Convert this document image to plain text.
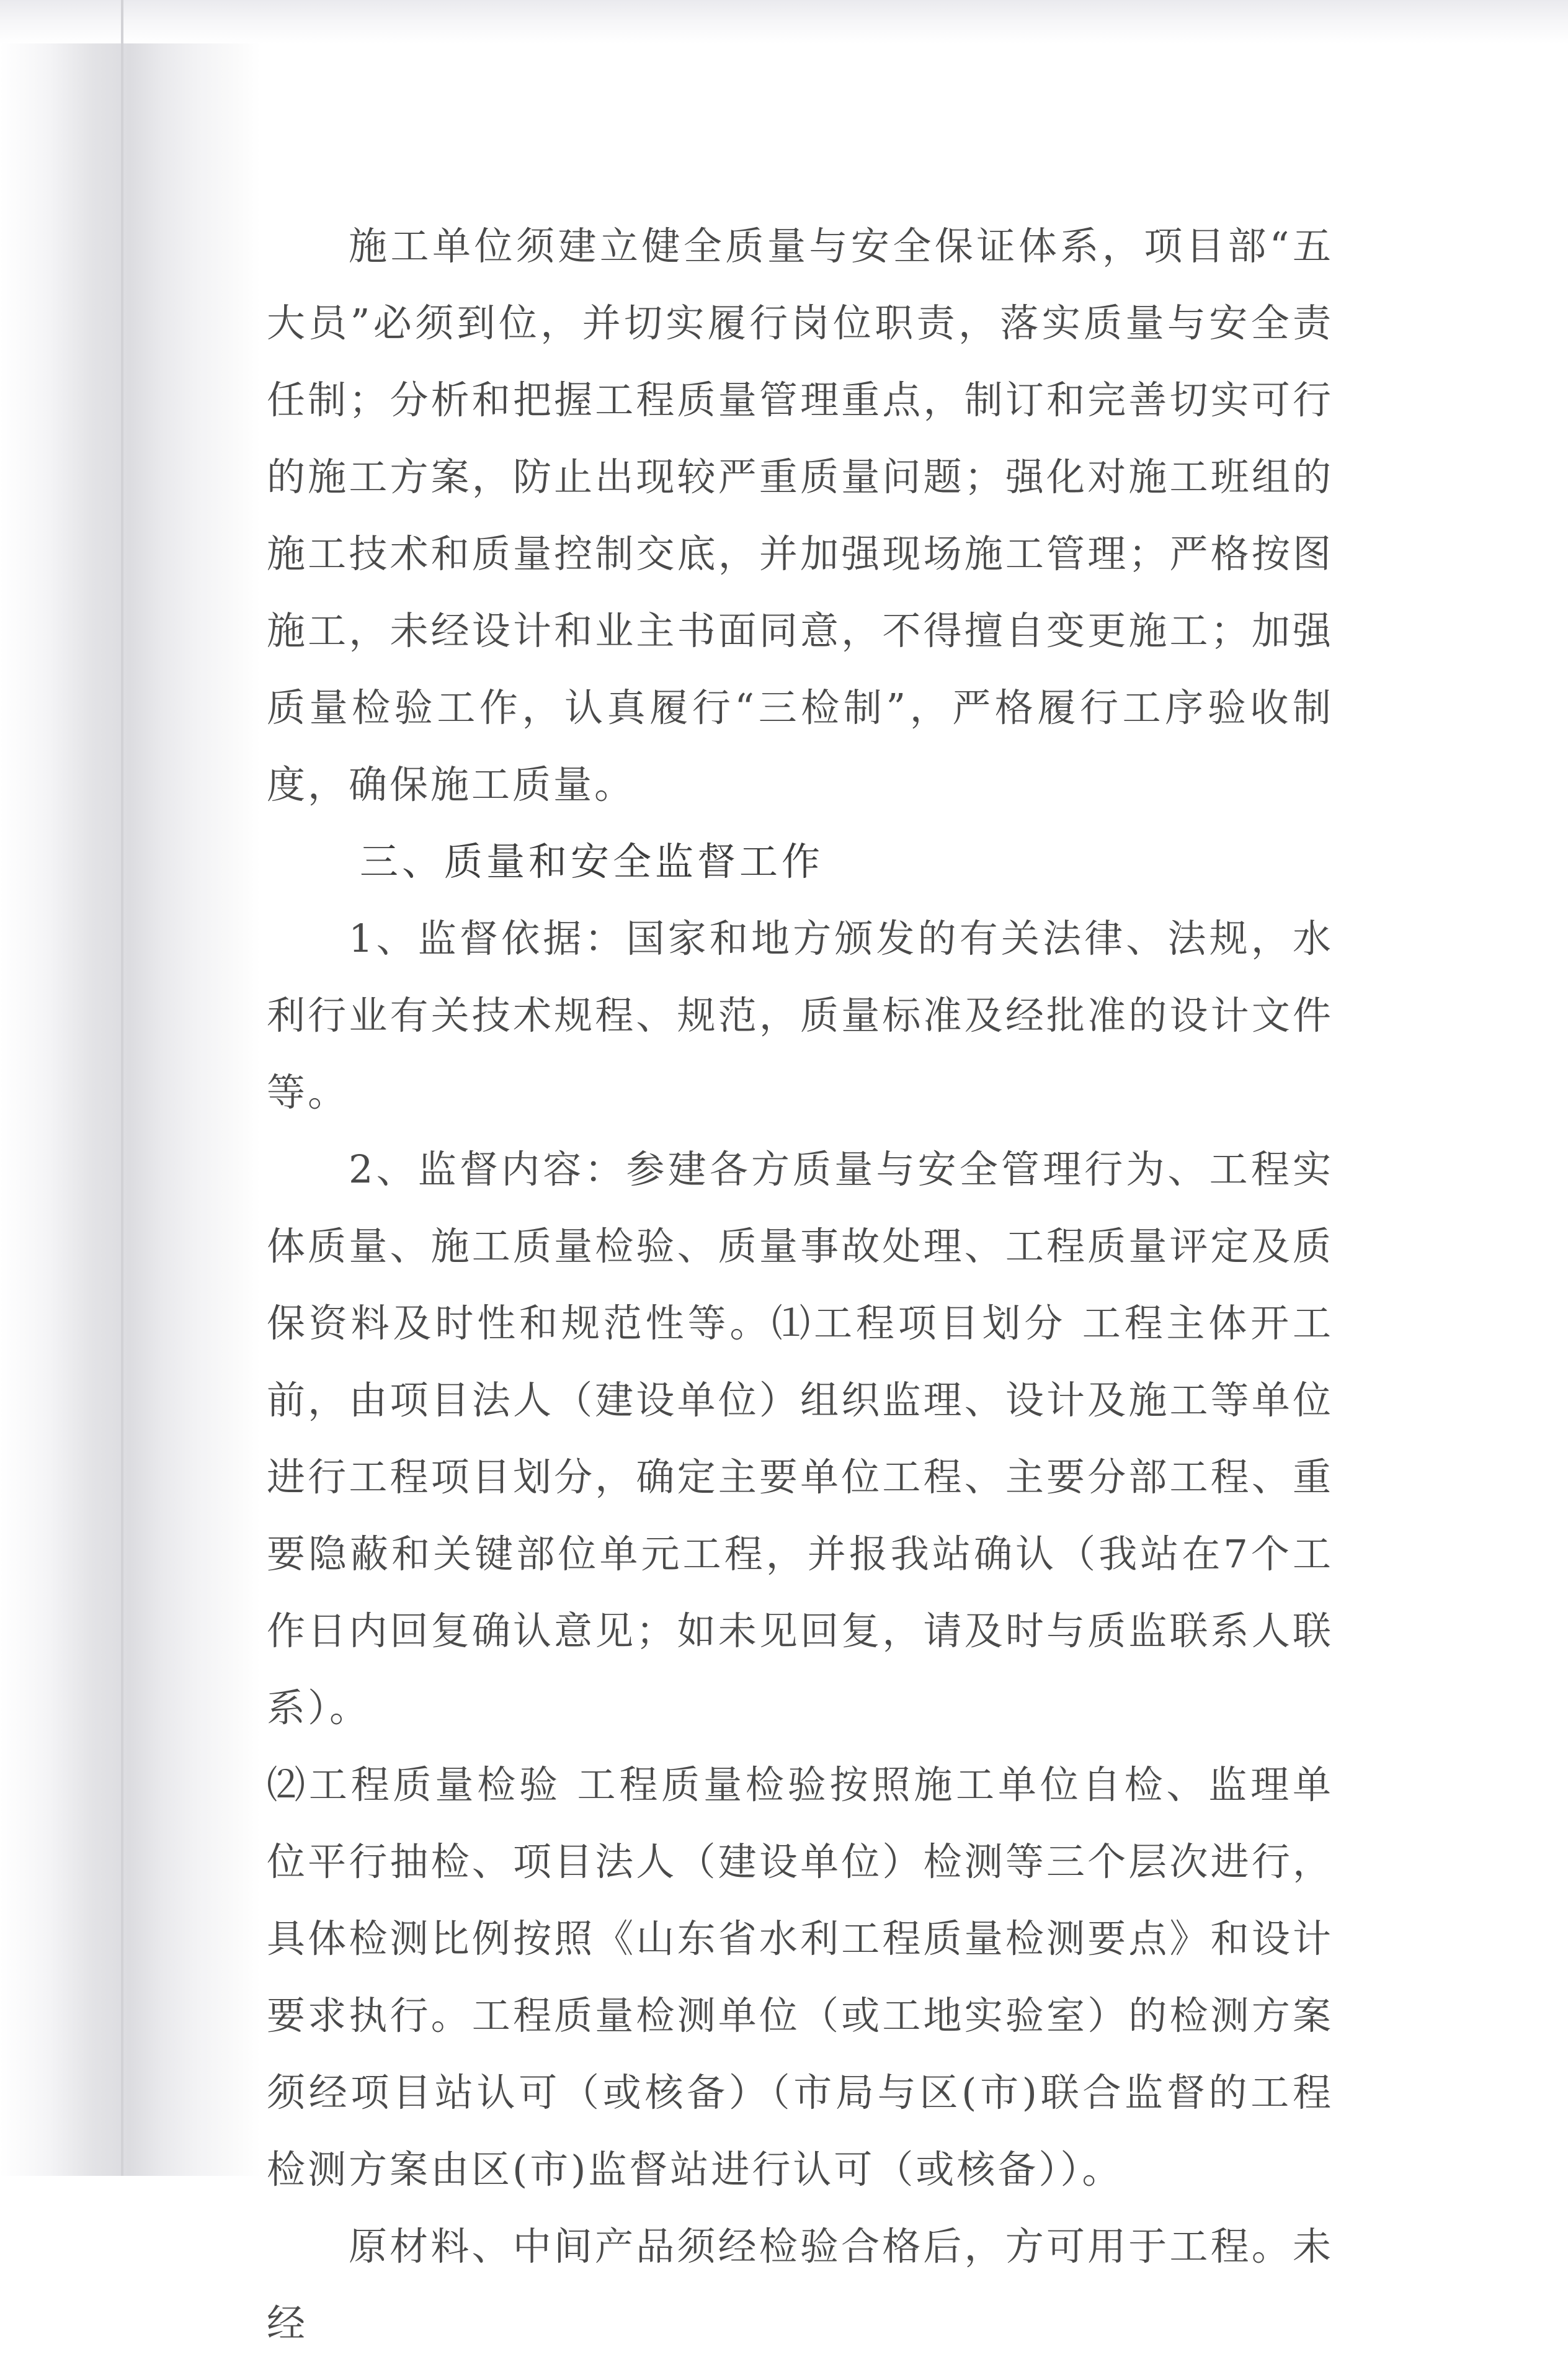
施工单位须建立健全质量与安全保证体系，项目部“五大员”必须到位，并切实履行岗位职责，落实质量与安全责任制；分析和把握工程质量管理重点，制订和完善切实可行的施工方案，防止出现较严重质量问题；强化对施工班组的施工技术和质量控制交底，并加强现场施工管理；严格按图施工，未经设计和业主书面同意，不得擅自变更施工；加强质量检验工作，认真履行“三检制”，严格履行工序验收制度，确保施工质量。

三、质量和安全监督工作

1、监督依据：国家和地方颁发的有关法律、法规，水利行业有关技术规程、规范，质量标准及经批准的设计文件等。

2、监督内容：参建各方质量与安全管理行为、工程实体质量、施工质量检验、质量事故处理、工程质量评定及质保资料及时性和规范性等。⑴工程项目划分 工程主体开工前，由项目法人（建设单位）组织监理、设计及施工等单位进行工程项目划分，确定主要单位工程、主要分部工程、重要隐蔽和关键部位单元工程，并报我站确认（我站在7个工作日内回复确认意见；如未见回复，请及时与质监联系人联系）。

⑵工程质量检验 工程质量检验按照施工单位自检、监理单位平行抽检、项目法人（建设单位）检测等三个层次进行，具体检测比例按照《山东省水利工程质量检测要点》和设计要求执行。工程质量检测单位（或工地实验室）的检测方案须经项目站认可（或核备）（市局与区(市)联合监督的工程检测方案由区(市)监督站进行认可（或核备））。

原材料、中间产品须经检验合格后，方可用于工程。未经
